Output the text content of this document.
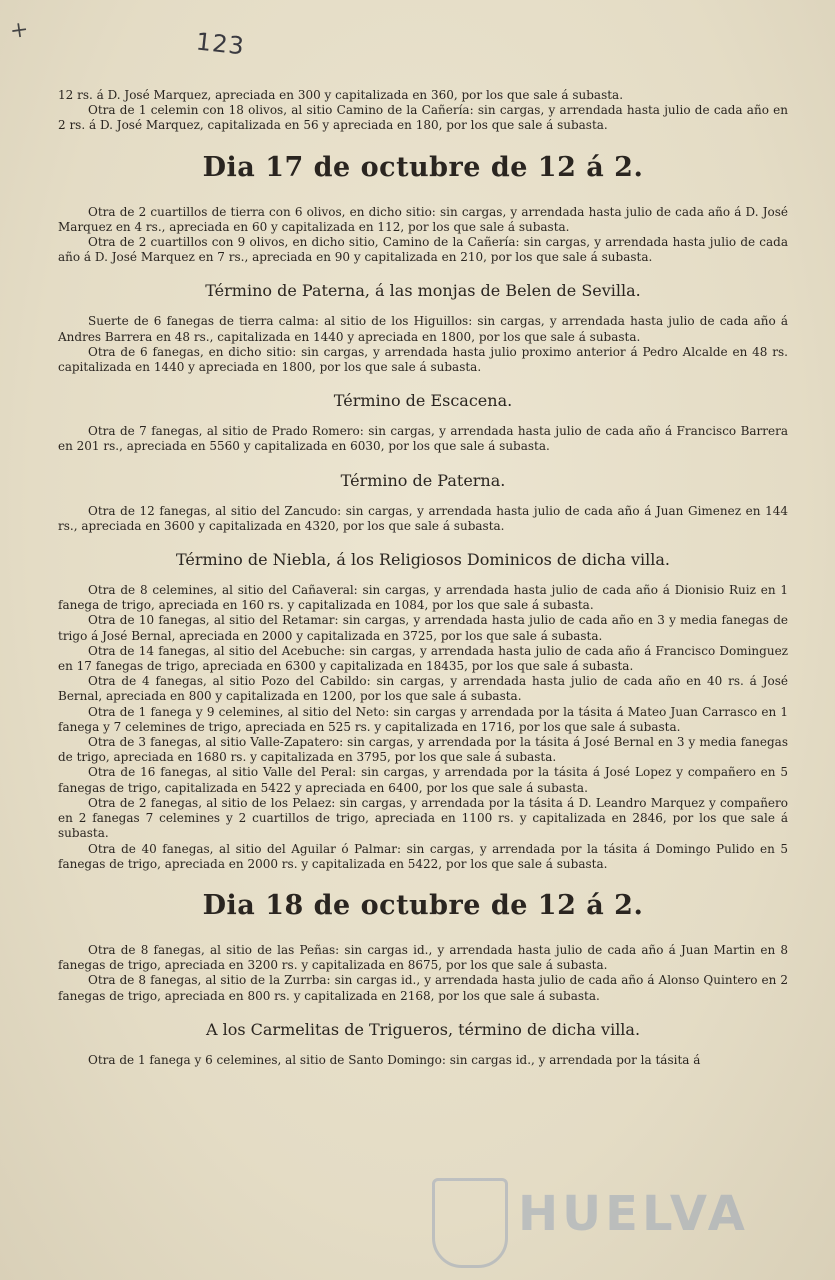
+	123

12 rs. á D. José Marquez, apreciada en 300 y capitalizada en 360, por los que sale á subasta.

Otra de 1 celemin con 18 olivos, al sitio Camino de la Cañería: sin cargas, y arrendada hasta julio de cada año en 2 rs. á D. José Marquez, capitalizada en 56 y apreciada en 180, por los que sale á subasta.

Dia 17 de octubre de 12 á 2.

Otra de 2 cuartillos de tierra con 6 olivos, en dicho sitio: sin cargas, y arrendada hasta julio de cada año á D. José Marquez en 4 rs., apreciada en 60 y capitalizada en 112, por los que sale á subasta.

Otra de 2 cuartillos con 9 olivos, en dicho sitio, Camino de la Cañería: sin cargas, y arrendada hasta julio de cada año á D. José Marquez en 7 rs., apreciada en 90 y capitalizada en 210, por los que sale á subasta.

Término de Paterna, á las monjas de Belen de Sevilla.

Suerte de 6 fanegas de tierra calma: al sitio de los Higuillos: sin cargas, y arrendada hasta julio de cada año á Andres Barrera en 48 rs., capitalizada en 1440 y apreciada en 1800, por los que sale á subasta.

Otra de 6 fanegas, en dicho sitio: sin cargas, y arrendada hasta julio proximo anterior á Pedro Alcalde en 48 rs. capitalizada en 1440 y apreciada en 1800, por los que sale á subasta.

Término de Escacena.

Otra de 7 fanegas, al sitio de Prado Romero: sin cargas, y arrendada hasta julio de cada año á Francisco Barrera en 201 rs., apreciada en 5560 y capitalizada en 6030, por los que sale á subasta.

Término de Paterna.

Otra de 12 fanegas, al sitio del Zancudo: sin cargas, y arrendada hasta julio de cada año á Juan Gimenez en 144 rs., apreciada en 3600 y capitalizada en 4320, por los que sale á subasta.

Término de Niebla, á los Religiosos Dominicos de dicha villa.

Otra de 8 celemines, al sitio del Cañaveral: sin cargas, y arrendada hasta julio de cada año á Dionisio Ruiz en 1 fanega de trigo, apreciada en 160 rs. y capitalizada en 1084, por los que sale á subasta.

Otra de 10 fanegas, al sitio del Retamar: sin cargas, y arrendada hasta julio de cada año en 3 y media fanegas de trigo á José Bernal, apreciada en 2000 y capitalizada en 3725, por los que sale á subasta.

Otra de 14 fanegas, al sitio del Acebuche: sin cargas, y arrendada hasta julio de cada año á Francisco Dominguez en 17 fanegas de trigo, apreciada en 6300 y capitalizada en 18435, por los que sale á subasta.

Otra de 4 fanegas, al sitio Pozo del Cabildo: sin cargas, y arrendada hasta julio de cada año en 40 rs. á José Bernal, apreciada en 800 y capitalizada en 1200, por los que sale á subasta.

Otra de 1 fanega y 9 celemines, al sitio del Neto: sin cargas y arrendada por la tásita á Mateo Juan Carrasco en 1 fanega y 7 celemines de trigo, apreciada en 525 rs. y capitalizada en 1716, por los que sale á subasta.

Otra de 3 fanegas, al sitio Valle-Zapatero: sin cargas, y arrendada por la tásita á José Bernal en 3 y media fanegas de trigo, apreciada en 1680 rs. y capitalizada en 3795, por los que sale á subasta.

Otra de 16 fanegas, al sitio Valle del Peral: sin cargas, y arrendada por la tásita á José Lopez y compañero en 5 fanegas de trigo, capitalizada en 5422 y apreciada en 6400, por los que sale á subasta.

Otra de 2 fanegas, al sitio de los Pelaez: sin cargas, y arrendada por la tásita á D. Leandro Marquez y compañero en 2 fanegas 7 celemines y 2 cuartillos de trigo, apreciada en 1100 rs. y capitalizada en 2846, por los que sale á subasta.

Otra de 40 fanegas, al sitio del Aguilar ó Palmar: sin cargas, y arrendada por la tásita á Domingo Pulido en 5 fanegas de trigo, apreciada en 2000 rs. y capitalizada en 5422, por los que sale á subasta.

Dia 18 de octubre de 12 á 2.

Otra de 8 fanegas, al sitio de las Peñas: sin cargas id., y arrendada hasta julio de cada año á Juan Martin en 8 fanegas de trigo, apreciada en 3200 rs. y capitalizada en 8675, por los que sale á subasta.

Otra de 8 fanegas, al sitio de la Zurrba: sin cargas id., y arrendada hasta julio de cada año á Alonso Quintero en 2 fanegas de trigo, apreciada en 800 rs. y capitalizada en 2168, por los que sale á subasta.

A los Carmelitas de Trigueros, término de dicha villa.

Otra de 1 fanega y 6 celemines, al sitio de Santo Domingo: sin cargas id., y arrendada por la tásita á

HUELVA
